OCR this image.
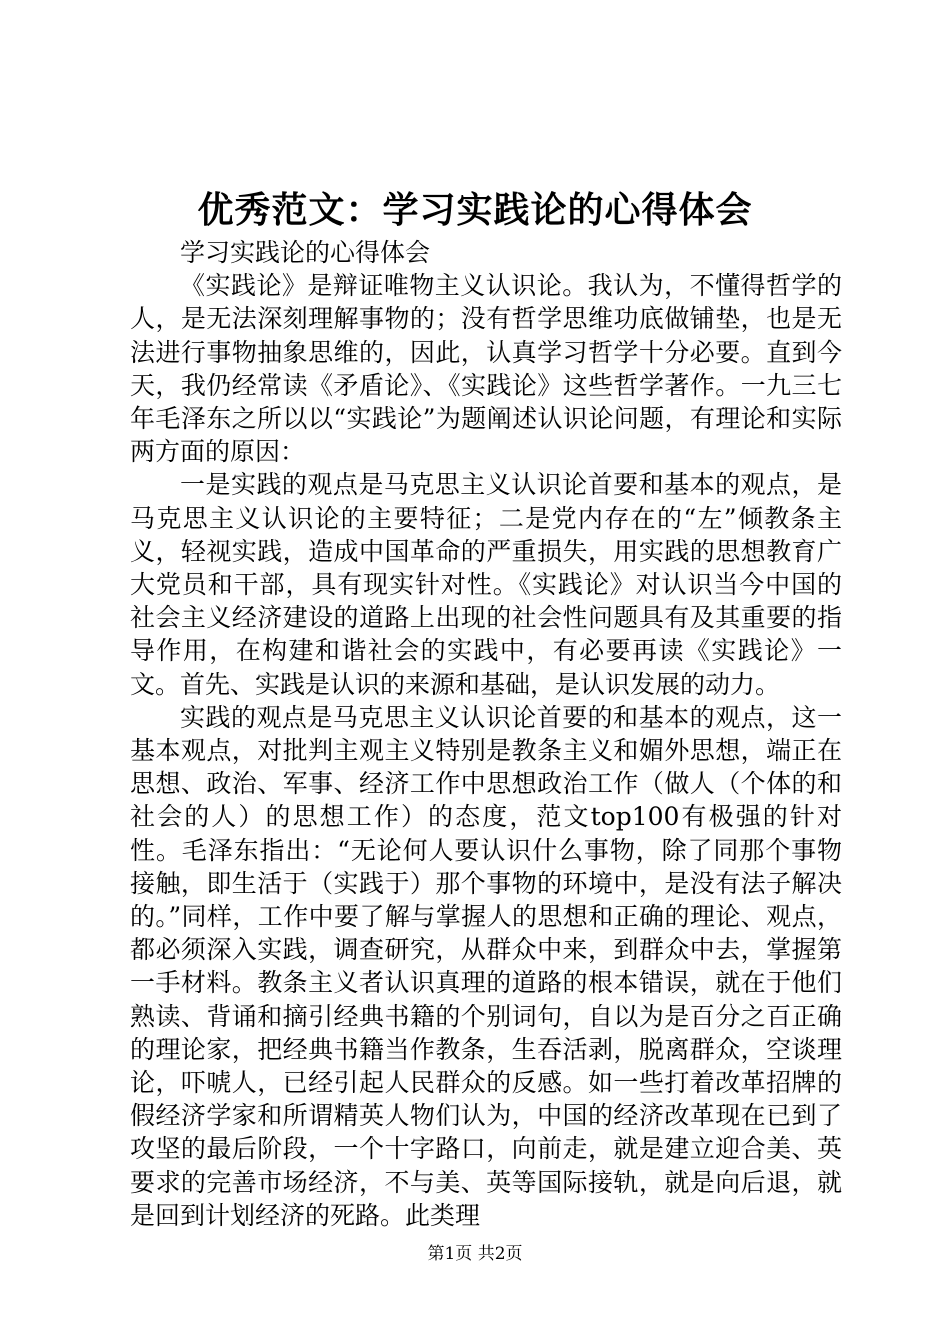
优秀范文：学习实践论的心得体会

学习实践论的心得体会

《实践论》是辩证唯物主义认识论。我认为，不懂得哲学的人，是无法深刻理解事物的；没有哲学思维功底做铺垫，也是无法进行事物抽象思维的，因此，认真学习哲学十分必要。直到今天，我仍经常读《矛盾论》、《实践论》这些哲学著作。一九三七年毛泽东之所以以“实践论”为题阐述认识论问题，有理论和实际两方面的原因：

一是实践的观点是马克思主义认识论首要和基本的观点，是马克思主义认识论的主要特征；二是党内存在的“左”倾教条主义，轻视实践，造成中国革命的严重损失，用实践的思想教育广大党员和干部，具有现实针对性。《实践论》对认识当今中国的社会主义经济建设的道路上出现的社会性问题具有及其重要的指导作用，在构建和谐社会的实践中，有必要再读《实践论》一文。首先、实践是认识的来源和基础，是认识发展的动力。

实践的观点是马克思主义认识论首要的和基本的观点，这一基本观点，对批判主观主义特别是教条主义和媚外思想，端正在思想、政治、军事、经济工作中思想政治工作（做人（个体的和社会的人）的思想工作）的态度，范文top100有极强的针对性。毛泽东指出：“无论何人要认识什么事物，除了同那个事物接触，即生活于（实践于）那个事物的环境中，是没有法子解决的。”同样，工作中要了解与掌握人的思想和正确的理论、观点，都必须深入实践，调查研究，从群众中来，到群众中去，掌握第一手材料。教条主义者认识真理的道路的根本错误，就在于他们熟读、背诵和摘引经典书籍的个别词句，自以为是百分之百正确的理论家，把经典书籍当作教条，生吞活剥，脱离群众，空谈理论，吓唬人，已经引起人民群众的反感。如一些打着改革招牌的假经济学家和所谓精英人物们认为，中国的经济改革现在已到了攻坚的最后阶段，一个十字路口，向前走，就是建立迎合美、英要求的完善市场经济，不与美、英等国际接轨，就是向后退，就是回到计划经济的死路。此类理

第1页 共2页
